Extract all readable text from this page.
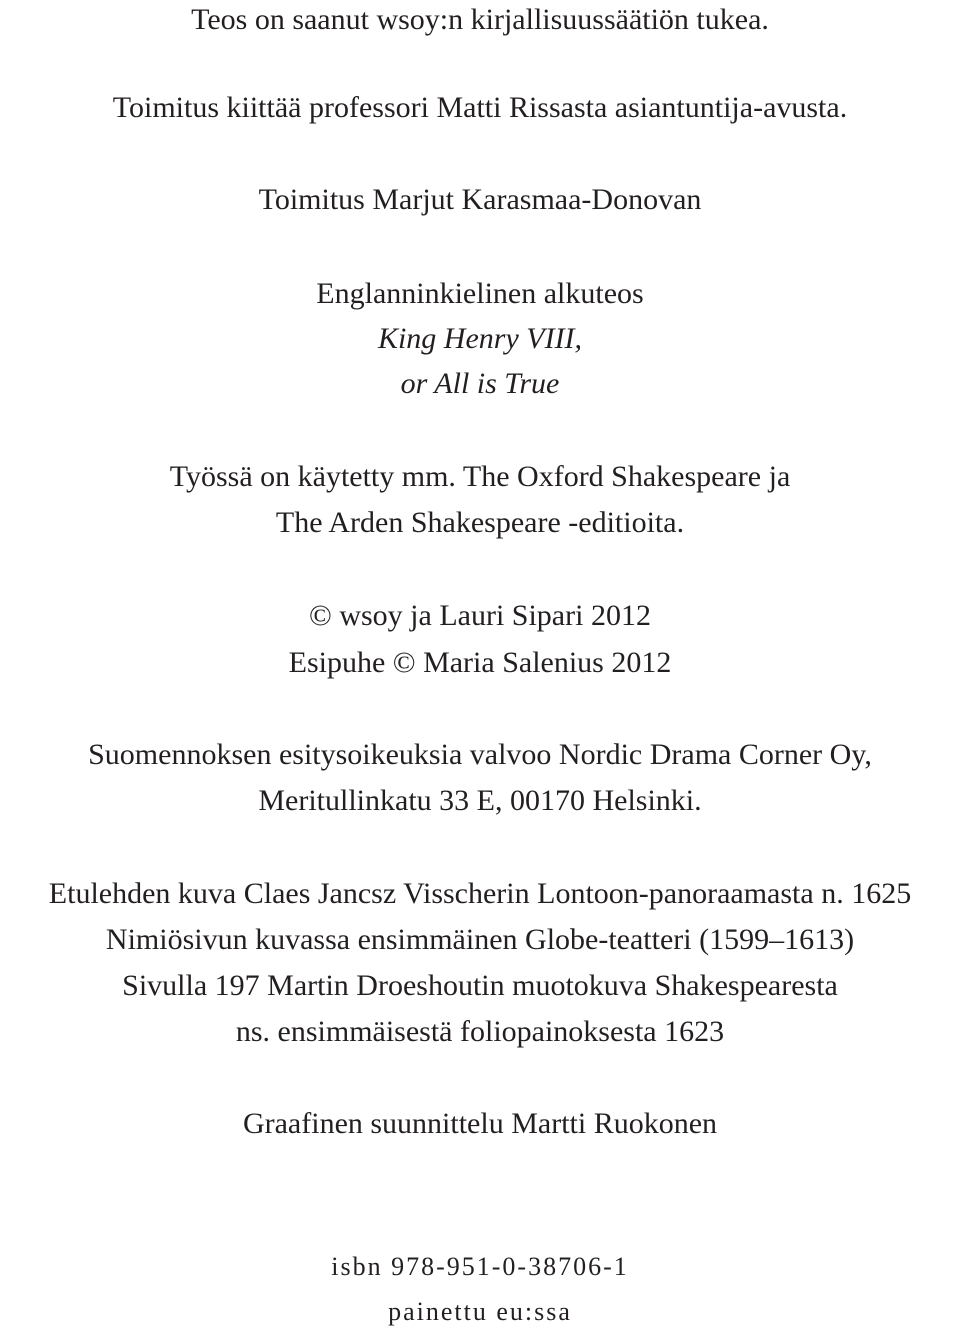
Teos on saanut wsoy:n kirjallisuussäätiön tukea.
Toimitus kiittää professori Matti Rissasta asiantuntija-avusta.
Toimitus Marjut Karasmaa-Donovan
Englanninkielinen alkuteos
King Henry VIII,
or All is True
Työssä on käytetty mm. The Oxford Shakespeare ja
The Arden Shakespeare -editioita.
© wsoy ja Lauri Sipari 2012
Esipuhe © Maria Salenius 2012
Suomennoksen esitysoikeuksia valvoo Nordic Drama Corner Oy,
Meritullinkatu 33 E, 00170 Helsinki.
Etulehden kuva Claes Jancsz Visscherin Lontoon-panoraamasta n. 1625
Nimiösivun kuvassa ensimmäinen Globe-teatteri (1599–1613)
Sivulla 197 Martin Droeshoutin muotokuva Shakespearesta
ns. ensimmäisestä foliopainoksesta 1623
Graafinen suunnittelu Martti Ruokonen
isbn 978-951-0-38706-1
painettu eu:ssa
